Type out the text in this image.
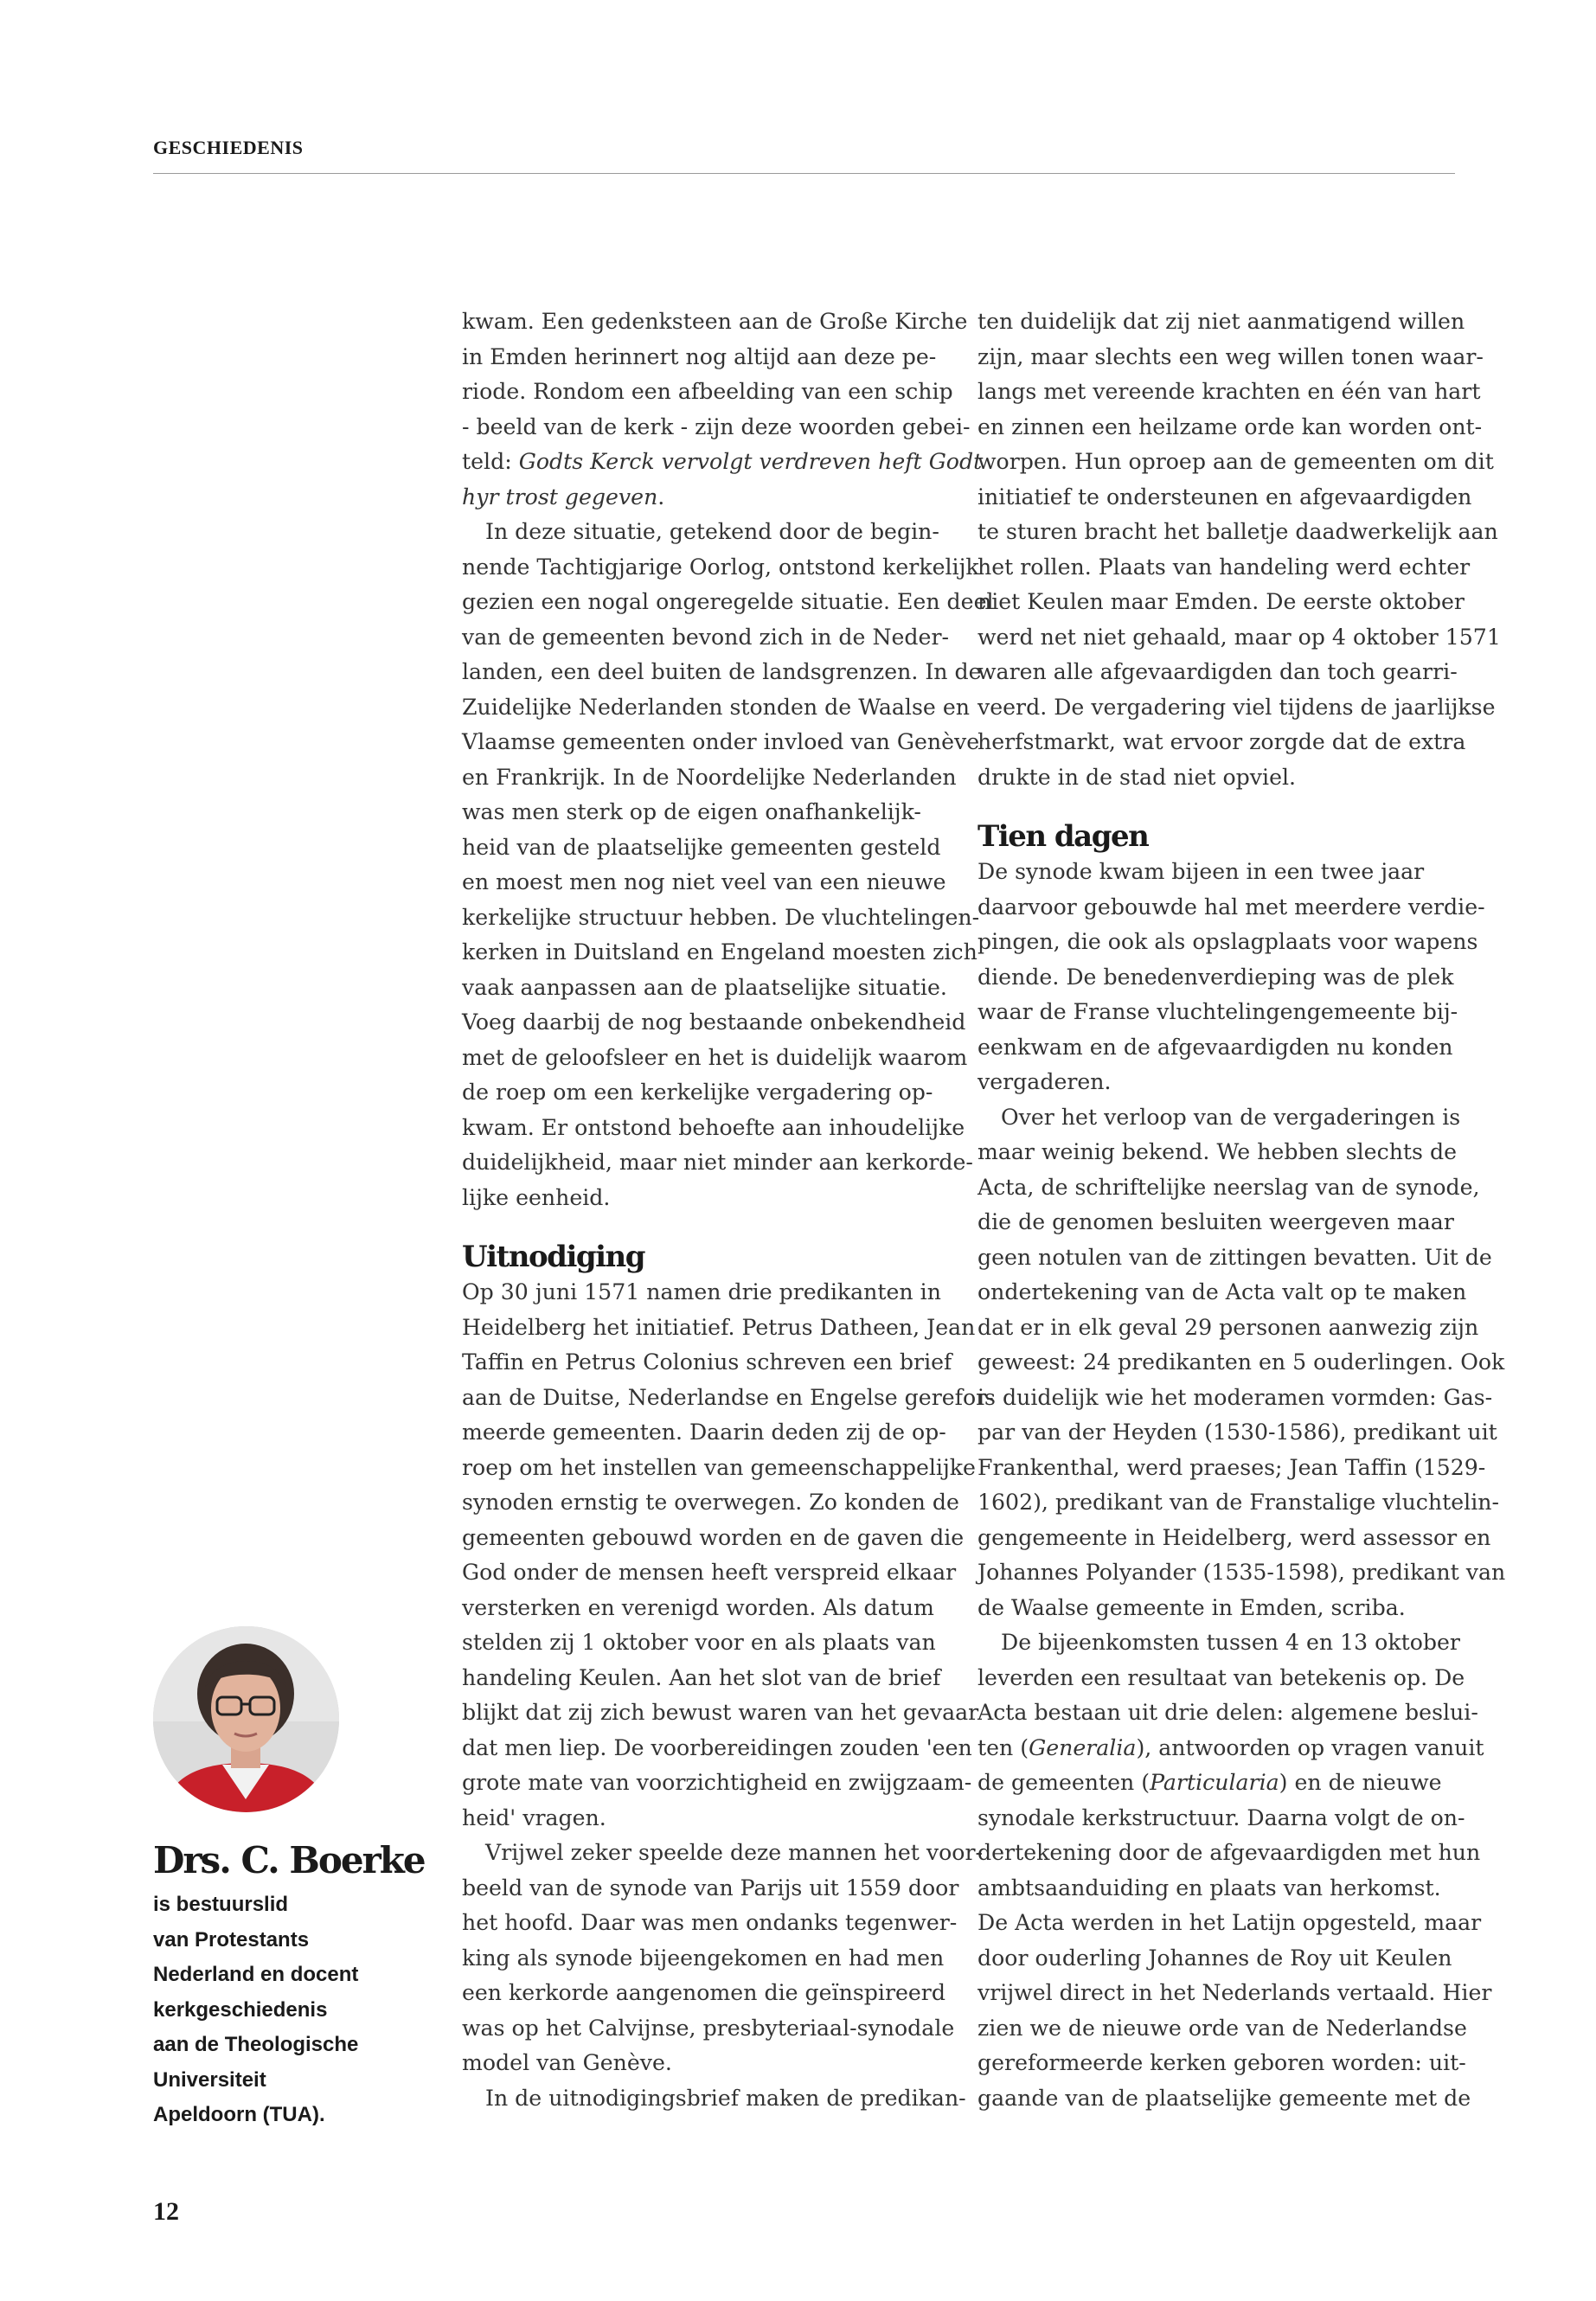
GESCHIEDENIS
kwam. Een gedenksteen aan de Große Kirche
in Emden herinnert nog altijd aan deze pe-
riode. Rondom een afbeelding van een schip
- beeld van de kerk - zijn deze woorden gebei-
teld: Godts Kerck vervolgt verdreven heft Godt
hyr trost gegeven.
In deze situatie, getekend door de begin-
nende Tachtigjarige Oorlog, ontstond kerkelijk
gezien een nogal ongeregelde situatie. Een deel
van de gemeenten bevond zich in de Neder-
landen, een deel buiten de landsgrenzen. In de
Zuidelijke Nederlanden stonden de Waalse en
Vlaamse gemeenten onder invloed van Genève
en Frankrijk. In de Noordelijke Nederlanden
was men sterk op de eigen onafhankelijk-
heid van de plaatselijke gemeenten gesteld
en moest men nog niet veel van een nieuwe
kerkelijke structuur hebben. De vluchtelingen-
kerken in Duitsland en Engeland moesten zich
vaak aanpassen aan de plaatselijke situatie.
Voeg daarbij de nog bestaande onbekendheid
met de geloofsleer en het is duidelijk waarom
de roep om een kerkelijke vergadering op-
kwam. Er ontstond behoefte aan inhoudelijke
duidelijkheid, maar niet minder aan kerkorde-
lijke eenheid.
Uitnodiging
Op 30 juni 1571 namen drie predikanten in
Heidelberg het initiatief. Petrus Datheen, Jean
Taffin en Petrus Colonius schreven een brief
aan de Duitse, Nederlandse en Engelse gerefor-
meerde gemeenten. Daarin deden zij de op-
roep om het instellen van gemeenschappelijke
synoden ernstig te overwegen. Zo konden de
gemeenten gebouwd worden en de gaven die
God onder de mensen heeft verspreid elkaar
versterken en verenigd worden. Als datum
stelden zij 1 oktober voor en als plaats van
handeling Keulen. Aan het slot van de brief
blijkt dat zij zich bewust waren van het gevaar
dat men liep. De voorbereidingen zouden 'een
grote mate van voorzichtigheid en zwijgzaam-
heid' vragen.
Vrijwel zeker speelde deze mannen het voor-
beeld van de synode van Parijs uit 1559 door
het hoofd. Daar was men ondanks tegenwer-
king als synode bijeengekomen en had men
een kerkorde aangenomen die geïnspireerd
was op het Calvijnse, presbyteriaal-synodale
model van Genève.
In de uitnodigingsbrief maken de predikan-
ten duidelijk dat zij niet aanmatigend willen
zijn, maar slechts een weg willen tonen waar-
langs met vereende krachten en één van hart
en zinnen een heilzame orde kan worden ont-
worpen. Hun oproep aan de gemeenten om dit
initiatief te ondersteunen en afgevaardigden
te sturen bracht het balletje daadwerkelijk aan
het rollen. Plaats van handeling werd echter
niet Keulen maar Emden. De eerste oktober
werd net niet gehaald, maar op 4 oktober 1571
waren alle afgevaardigden dan toch gearri-
veerd. De vergadering viel tijdens de jaarlijkse
herfstmarkt, wat ervoor zorgde dat de extra
drukte in de stad niet opviel.
Tien dagen
De synode kwam bijeen in een twee jaar
daarvoor gebouwde hal met meerdere verdie-
pingen, die ook als opslagplaats voor wapens
diende. De benedenverdieping was de plek
waar de Franse vluchtelingengemeente bij-
eenkwam en de afgevaardigden nu konden
vergaderen.
Over het verloop van de vergaderingen is
maar weinig bekend. We hebben slechts de
Acta, de schriftelijke neerslag van de synode,
die de genomen besluiten weergeven maar
geen notulen van de zittingen bevatten. Uit de
ondertekening van de Acta valt op te maken
dat er in elk geval 29 personen aanwezig zijn
geweest: 24 predikanten en 5 ouderlingen. Ook
is duidelijk wie het moderamen vormden: Gas-
par van der Heyden (1530-1586), predikant uit
Frankenthal, werd praeses; Jean Taffin (1529-
1602), predikant van de Franstalige vluchtelin-
gengemeente in Heidelberg, werd assessor en
Johannes Polyander (1535-1598), predikant van
de Waalse gemeente in Emden, scriba.
De bijeenkomsten tussen 4 en 13 oktober
leverden een resultaat van betekenis op. De
Acta bestaan uit drie delen: algemene beslui-
ten (Generalia), antwoorden op vragen vanuit
de gemeenten (Particularia) en de nieuwe
synodale kerkstructuur. Daarna volgt de on-
dertekening door de afgevaardigden met hun
ambtsaanduiding en plaats van herkomst.
De Acta werden in het Latijn opgesteld, maar
door ouderling Johannes de Roy uit Keulen
vrijwel direct in het Nederlands vertaald. Hier
zien we de nieuwe orde van de Nederlandse
gereformeerde kerken geboren worden: uit-
gaande van de plaatselijke gemeente met de
Drs. C. Boerke
is bestuurslid
van Protestants
Nederland en docent
kerkgeschiedenis
aan de Theologische
Universiteit
Apeldoorn (TUA).
12
